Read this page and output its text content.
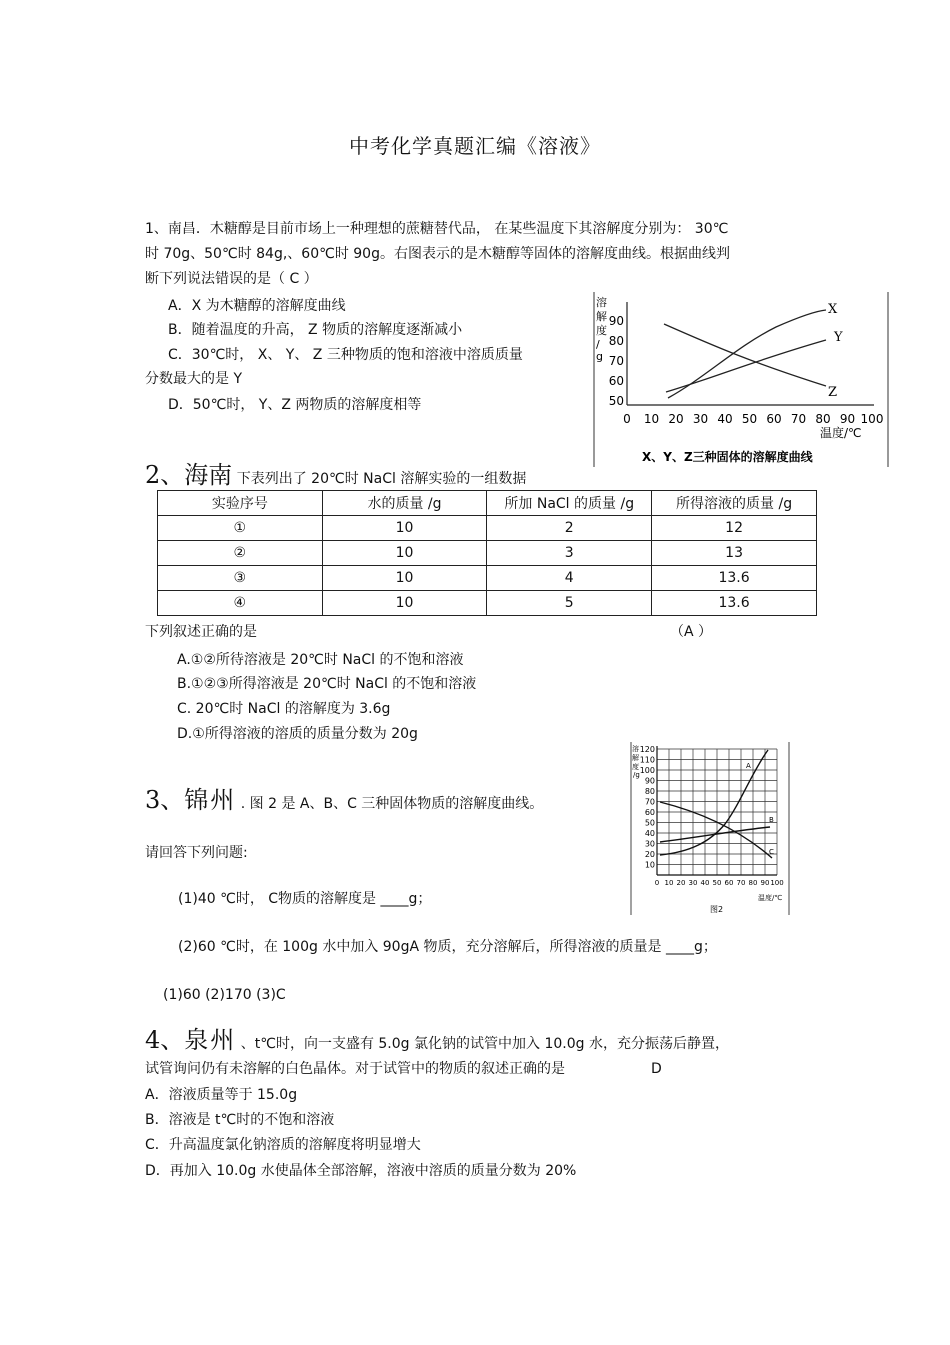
中考化学真题汇编《溶液》
1、南昌．木糖醇是目前市场上一种理想的蔗糖替代品， 在某些温度下其溶解度分别为： 30℃
时 70g、50℃时 84g,、60℃时 90g。右图表示的是木糖醇等固体的溶解度曲线。根据曲线判
断下列说法错误的是（ C ）
A．X 为木糖醇的溶解度曲线
B．随着温度的升高， Z 物质的溶解度逐渐减小
C．30℃时， X、 Y、 Z 三种物质的饱和溶液中溶质质量
分数最大的是 Y
D．50℃时， Y、Z 两物质的溶解度相等
溶
解
度
/
g
90
80
70
60
50
0 10 20 30 40 50 60 70 80 90 100
X
Y
Z
温度/℃
X、Y、Z三种固体的溶解度曲线
2、海南 下表列出了 20℃时 NaCl 溶解实验的一组数据
实验序号	水的质量 /g	所加 NaCl 的质量 /g	所得溶液的质量 /g
①	10	2	12
②	10	3	13
③	10	4	13.6
④	10	5	13.6
下列叙述正确的是	（A ）
A.①②所待溶液是 20℃时 NaCl 的不饱和溶液
B.①②③所得溶液是 20℃时 NaCl 的不饱和溶液
C. 20℃时 NaCl 的溶解度为 3.6g
D.①所得溶液的溶质的质量分数为 20g
溶
解
度
/g
120
110
100
90
80
70
60
50
40
30
20
10
0 10 20 30 40 50 60 70 80 90 100
A
B
C
温度/℃
图2
3、锦州 . 图 2 是 A、B、C 三种固体物质的溶解度曲线。
请回答下列问题:
(1)40 ℃时， C物质的溶解度是 ____g；
(2)60 ℃时，在 100g 水中加入 90gA 物质，充分溶解后，所得溶液的质量是 ____g；
(1)60 (2)170 (3)C
4、泉州 、t℃时，向一支盛有 5.0g 氯化钠的试管中加入 10.0g 水，充分振荡后静置，
试管询问仍有未溶解的白色晶体。对于试管中的物质的叙述正确的是	D
A．溶液质量等于 15.0g
B．溶液是 t℃时的不饱和溶液
C．升高温度氯化钠溶质的溶解度将明显增大
D．再加入 10.0g 水使晶体全部溶解，溶液中溶质的质量分数为 20%
